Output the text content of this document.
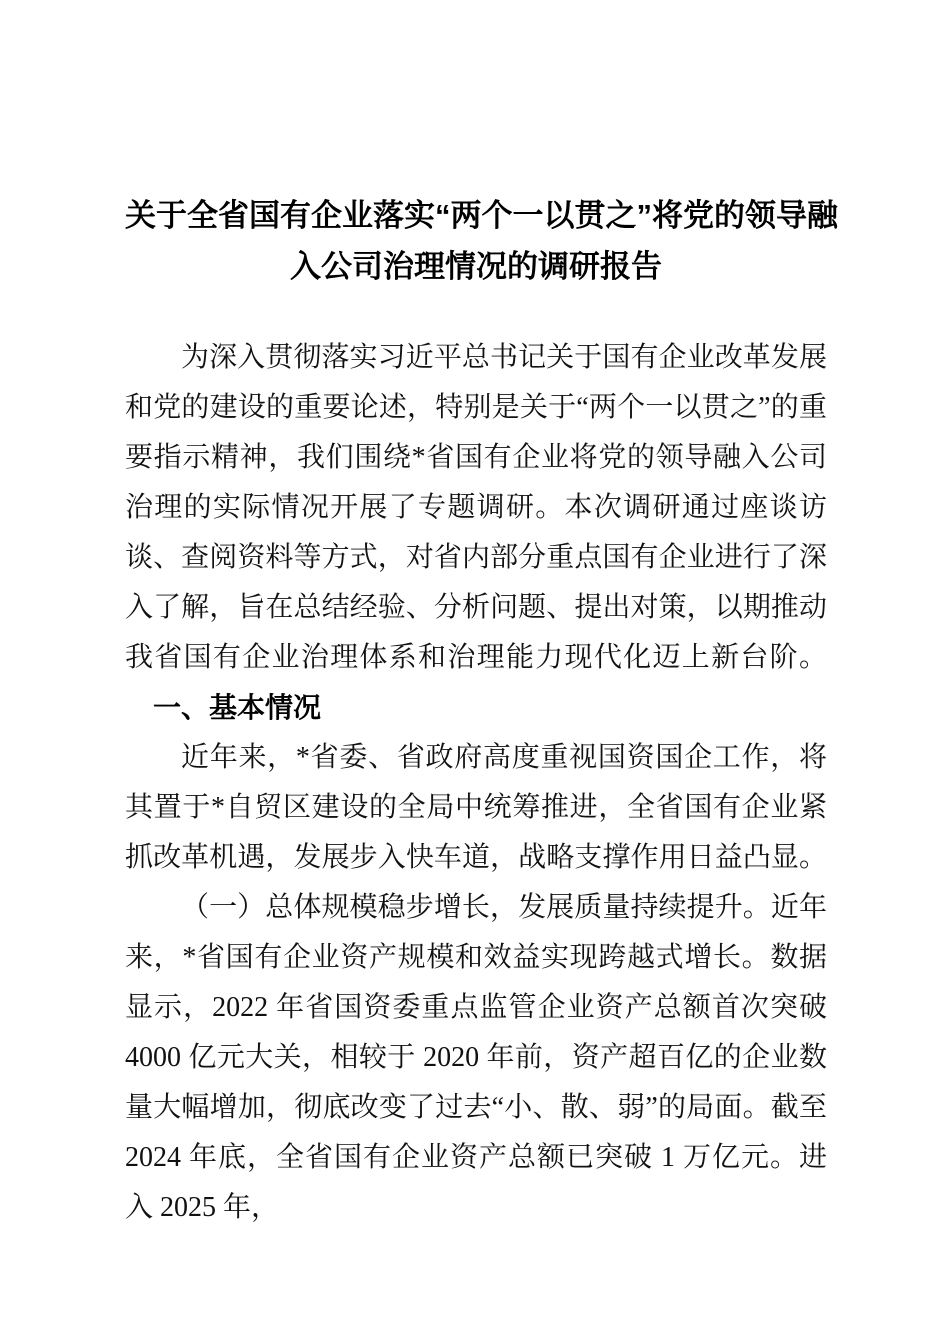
关于全省国有企业落实“两个一以贯之”将党的领导融
入公司治理情况的调研报告

为深入贯彻落实习近平总书记关于国有企业改革发展和党的建设的重要论述，特别是关于“两个一以贯之”的重要指示精神，我们围绕*省国有企业将党的领导融入公司治理的实际情况开展了专题调研。本次调研通过座谈访谈、查阅资料等方式，对省内部分重点国有企业进行了深入了解，旨在总结经验、分析问题、提出对策，以期推动我省国有企业治理体系和治理能力现代化迈上新台阶。

一、基本情况

近年来，*省委、省政府高度重视国资国企工作，将其置于*自贸区建设的全局中统筹推进，全省国有企业紧抓改革机遇，发展步入快车道，战略支撑作用日益凸显。

（一）总体规模稳步增长，发展质量持续提升。近年来，*省国有企业资产规模和效益实现跨越式增长。数据显示，2022 年省国资委重点监管企业资产总额首次突破 4000 亿元大关，相较于 2020 年前，资产超百亿的企业数量大幅增加，彻底改变了过去“小、散、弱”的局面。截至 2024 年底，全省国有企业资产总额已突破 1 万亿元。进入 2025 年，
